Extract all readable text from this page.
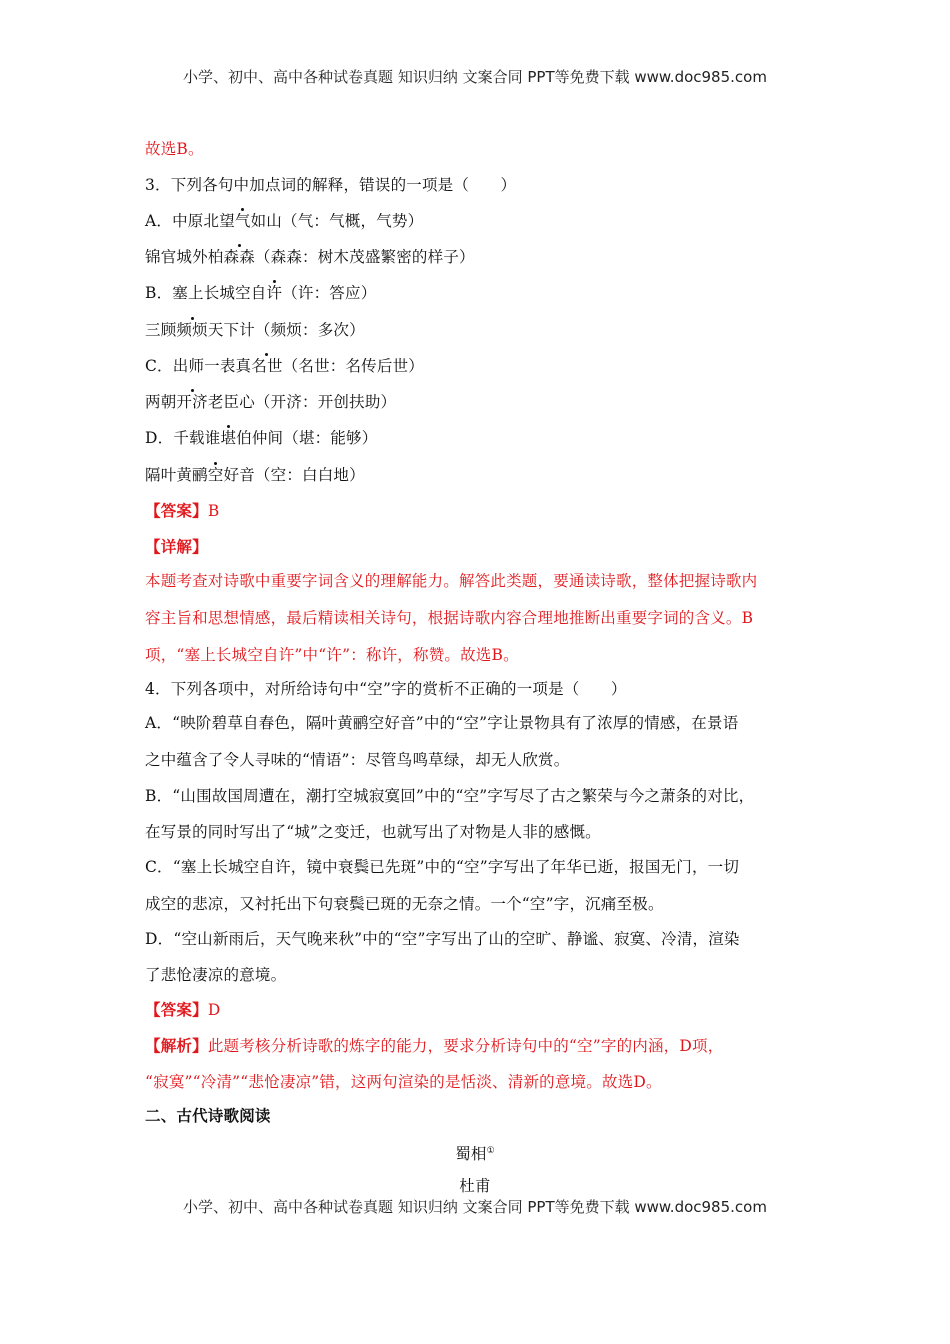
小学、初中、高中各种试卷真题 知识归纳 文案合同 PPT等免费下载 www.doc985.com
故选B。
3．下列各句中加点词的解释，错误的一项是（　　）
A．中原北望气如山（气：气概，气势）
锦官城外柏森森（森森：树木茂盛繁密的样子）
B．塞上长城空自许（许：答应）
三顾频烦天下计（频烦：多次）
C．出师一表真名世（名世：名传后世）
两朝开济老臣心（开济：开创扶助）
D．千载谁堪伯仲间（堪：能够）
隔叶黄鹂空好音（空：白白地）
【答案】B
【详解】
本题考查对诗歌中重要字词含义的理解能力。解答此类题，要通读诗歌，整体把握诗歌内
容主旨和思想情感，最后精读相关诗句，根据诗歌内容合理地推断出重要字词的含义。B
项，“塞上长城空自许”中“许”：称许，称赞。故选B。
4．下列各项中，对所给诗句中“空”字的赏析不正确的一项是（　　）
A．“映阶碧草自春色，隔叶黄鹂空好音”中的“空”字让景物具有了浓厚的情感，在景语
之中蕴含了令人寻味的“情语”：尽管鸟鸣草绿，却无人欣赏。
B．“山围故国周遭在，潮打空城寂寞回”中的“空”字写尽了古之繁荣与今之萧条的对比，
在写景的同时写出了“城”之变迁，也就写出了对物是人非的感慨。
C．“塞上长城空自许，镜中衰鬓已先斑”中的“空”字写出了年华已逝，报国无门，一切
成空的悲凉，又衬托出下句衰鬓已斑的无奈之情。一个“空”字，沉痛至极。
D．“空山新雨后，天气晚来秋”中的“空”字写出了山的空旷、静谧、寂寞、冷清，渲染
了悲怆凄凉的意境。
【答案】D
【解析】此题考核分析诗歌的炼字的能力，要求分析诗句中的“空”字的内涵，D项，
“寂寞”“冷清”“悲怆凄凉”错，这两句渲染的是恬淡、清新的意境。故选D。
二、古代诗歌阅读
蜀相①
杜甫
小学、初中、高中各种试卷真题 知识归纳 文案合同 PPT等免费下载 www.doc985.com
